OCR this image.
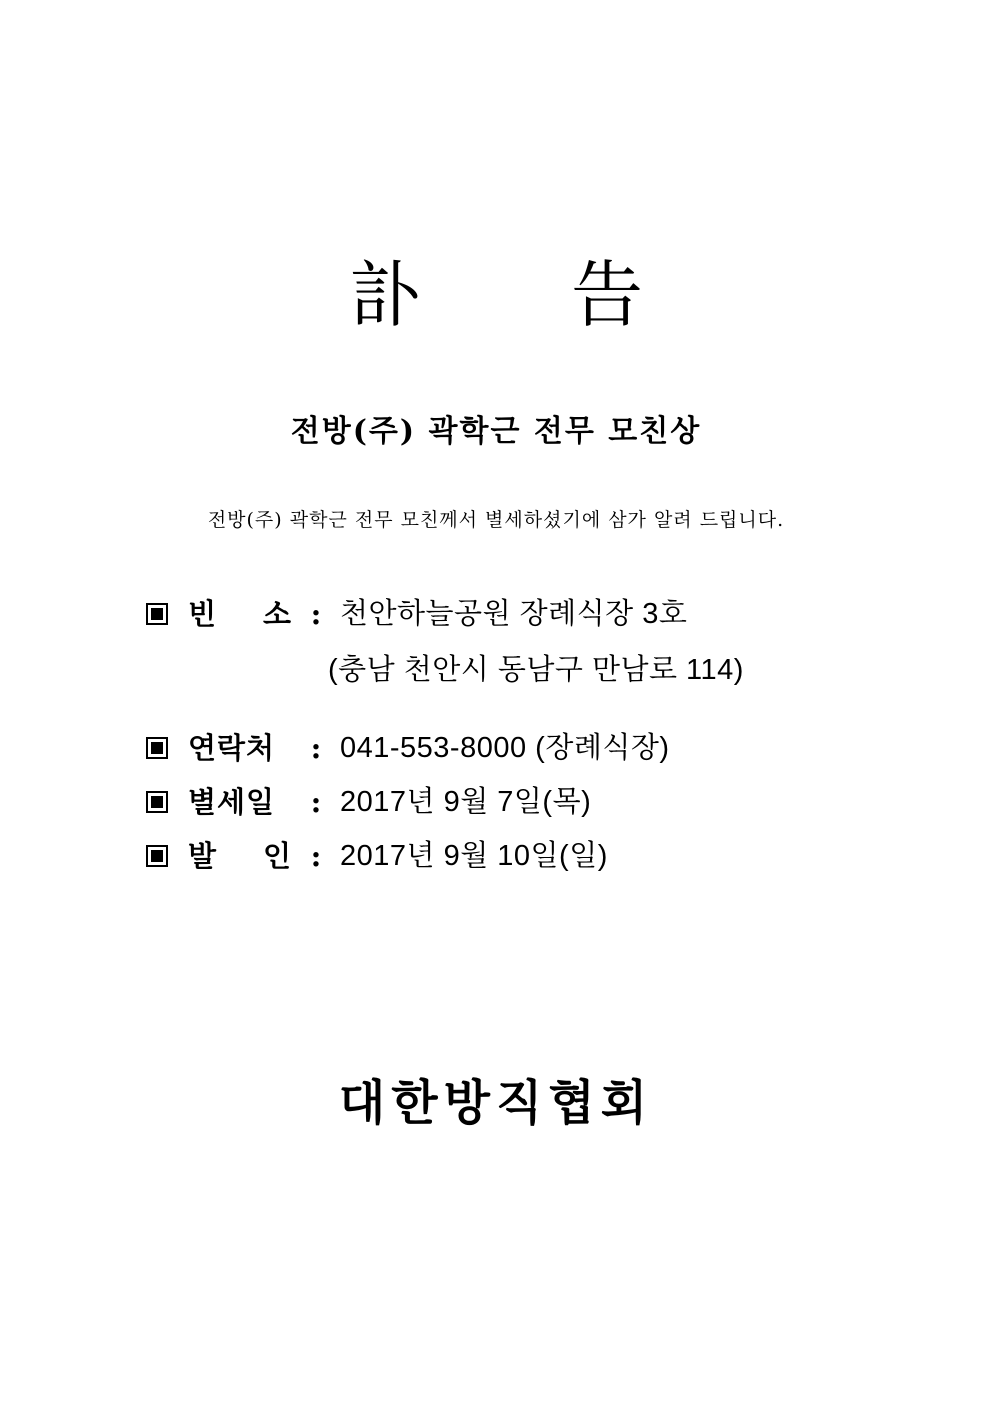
訃 告
전방(주) 곽학근 전무 모친상
전방(주) 곽학근 전무 모친께서 별세하셨기에 삼가 알려 드립니다.
빈 소 : 천안하늘공원 장례식장 3호
(충남 천안시 동남구 만남로 114)
연락처	: 041-553-8000 (장례식장)
별세일	: 2017년 9월 7일(목)
발 인 : 2017년 9월 10일(일)
대한방직협회
